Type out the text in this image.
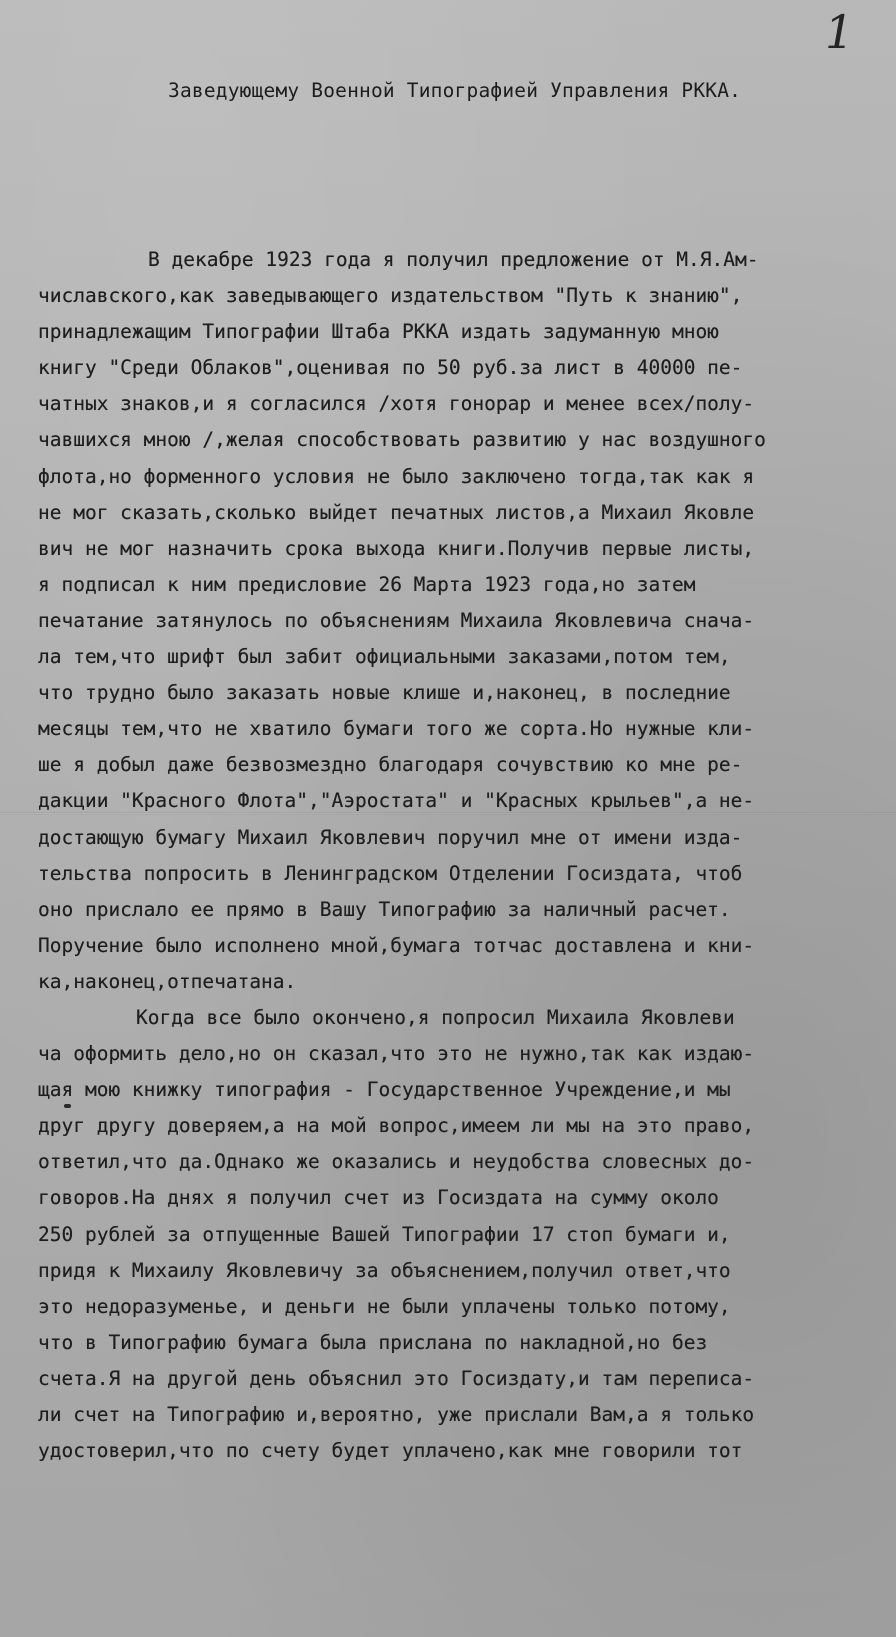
1
Заведующему Военной Типографией Управления РККА.
В декабре 1923 года я получил предложение от М.Я.Ам-
числавского,как заведывающего издательством "Путь к знанию",
принадлежащим Типографии Штаба РККА издать задуманную мною
книгу "Среди Облаков",оценивая по 50 руб.за лист в 40000 пе-
чатных знаков,и я согласился /хотя гонорар и менее всех/полу-
чавшихся мною /,желая способствовать развитию у нас воздушного
флота,но форменного условия не было заключено тогда,так как я
не мог сказать,сколько выйдет печатных листов,а Михаил Яковле
вич не мог назначить срока выхода книги.Получив первые листы,
я подписал к ним предисловие 26 Марта 1923 года,но затем
печатание затянулось по объяснениям Михаила Яковлевича снача-
ла тем,что шрифт был забит официальными заказами,потом тем,
что трудно было заказать новые клише и,наконец, в последние
месяцы тем,что не хватило бумаги того же сорта.Но нужные кли-
ше я добыл даже безвозмездно благодаря сочувствию ко мне ре-
дакции "Красного Флота","Аэростата" и "Красных крыльев",а не-
достающую бумагу Михаил Яковлевич поручил мне от имени изда-
тельства попросить в Ленинградском Отделении Госиздата, чтоб
оно прислало ее прямо в Вашу Типографию за наличный расчет.
Поручение было исполнено мной,бумага тотчас доставлена и кни-
ка,наконец,отпечатана.
Когда все было окончено,я попросил Михаила Яковлеви
ча оформить дело,но он сказал,что это не нужно,так как издаю-
щая мою книжку типография - Государственное Учреждение,и мы
друг другу доверяем,а на мой вопрос,имеем ли мы на это право,
ответил,что да.Однако же оказались и неудобства словесных до-
говоров.На днях я получил счет из Госиздата на сумму около
250 рублей за отпущенные Вашей Типографии 17 стоп бумаги и,
придя к Михаилу Яковлевичу за объяснением,получил ответ,что
это недоразуменье, и деньги не были уплачены только потому,
что в Типографию бумага была прислана по накладной,но без
счета.Я на другой день объяснил это Госиздату,и там переписа-
ли счет на Типографию и,вероятно, уже прислали Вам,а я только
удостоверил,что по счету будет уплачено,как мне говорили тот
